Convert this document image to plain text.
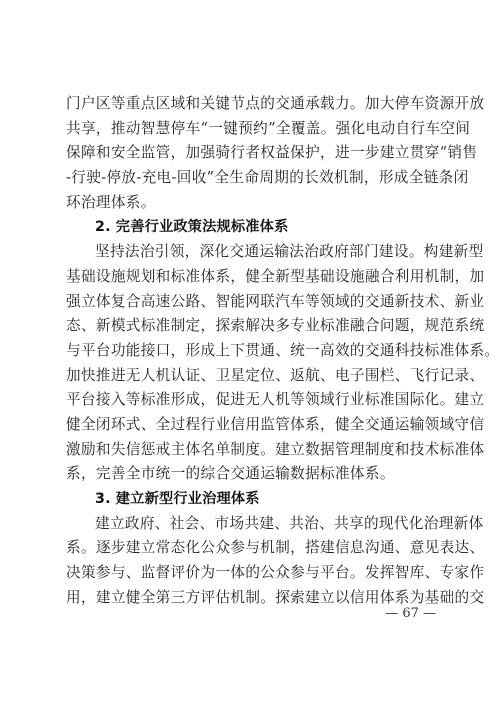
门户区等重点区域和关键节点的交通承载力。加大停车资源开放
共享，推动智慧停车“一键预约”全覆盖。强化电动自行车空间
保障和安全监管，加强骑行者权益保护，进一步建立贯穿“销售
-行驶-停放-充电-回收”全生命周期的长效机制，形成全链条闭
环治理体系。
2. 完善行业政策法规标准体系
坚持法治引领，深化交通运输法治政府部门建设。构建新型
基础设施规划和标准体系，健全新型基础设施融合利用机制，加
强立体复合高速公路、智能网联汽车等领域的交通新技术、新业
态、新模式标准制定，探索解决多专业标准融合问题，规范系统
与平台功能接口，形成上下贯通、统一高效的交通科技标准体系。
加快推进无人机认证、卫星定位、返航、电子围栏、飞行记录、
平台接入等标准形成，促进无人机等领域行业标准国际化。建立
健全闭环式、全过程行业信用监管体系，健全交通运输领域守信
激励和失信惩戒主体名单制度。建立数据管理制度和技术标准体
系，完善全市统一的综合交通运输数据标准体系。
3. 建立新型行业治理体系
建立政府、社会、市场共建、共治、共享的现代化治理新体
系。逐步建立常态化公众参与机制，搭建信息沟通、意见表达、
决策参与、监督评价为一体的公众参与平台。发挥智库、专家作
用，建立健全第三方评估机制。探索建立以信用体系为基础的交
— 67 —
